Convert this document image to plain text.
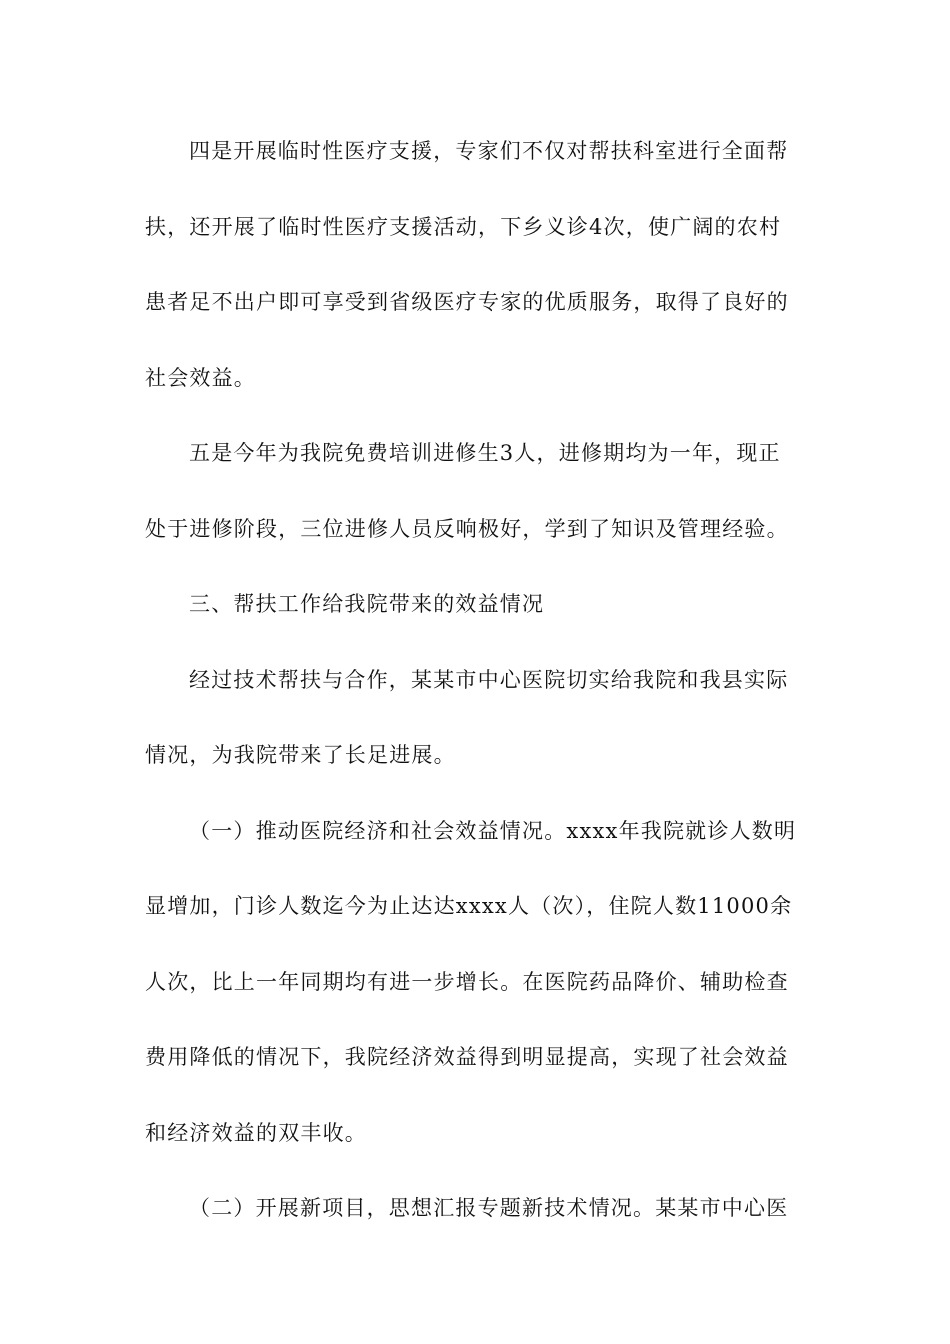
四是开展临时性医疗支援，专家们不仅对帮扶科室进行全面帮
扶，还开展了临时性医疗支援活动，下乡义诊4次，使广阔的农村
患者足不出户即可享受到省级医疗专家的优质服务，取得了良好的
社会效益。
五是今年为我院免费培训进修生3人，进修期均为一年，现正
处于进修阶段，三位进修人员反响极好，学到了知识及管理经验。
三、帮扶工作给我院带来的效益情况
经过技术帮扶与合作，某某市中心医院切实给我院和我县实际
情况，为我院带来了长足进展。
（一）推动医院经济和社会效益情况。xxxx年我院就诊人数明
显增加，门诊人数迄今为止达达xxxx人（次），住院人数11000余
人次，比上一年同期均有进一步增长。在医院药品降价、辅助检查
费用降低的情况下，我院经济效益得到明显提高，实现了社会效益
和经济效益的双丰收。
（二）开展新项目，思想汇报专题新技术情况。某某市中心医
